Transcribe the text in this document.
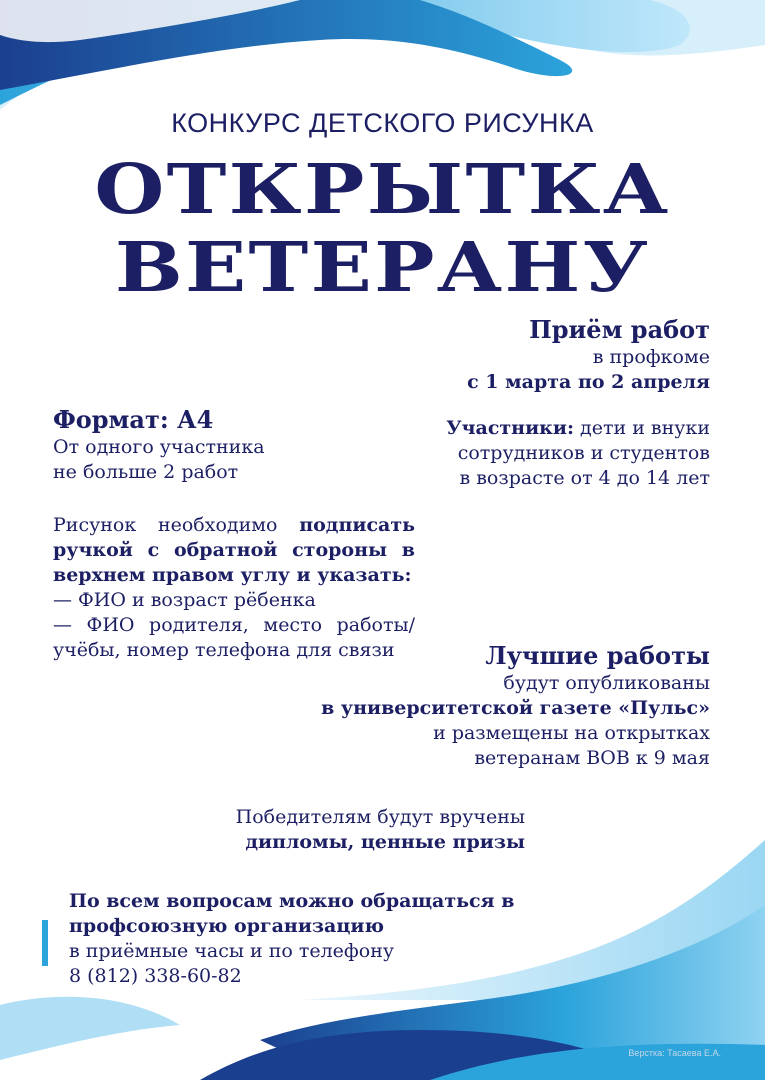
КОНКУРС ДЕТСКОГО РИСУНКА
ОТКРЫТКА
ВЕТЕРАНУ
Приём работ
в профкоме
с 1 марта по 2 апреля
Участники: дети и внуки
сотрудников и студентов
в возрасте от 4 до 14 лет
Формат: А4
От одного участника
не больше 2 работ
Рисунок необходимо подписать
ручкой с обратной стороны в
верхнем правом углу и указать:
— ФИО и возраст рёбенка
— ФИО родителя, место работы/
учёбы, номер телефона для связи	Лучшие работы
будут опубликованы
в университетской газете «Пульс»
и размещены на открытках
ветеранам ВОВ к 9 мая
Победителям будут вручены
дипломы, ценные призы
По всем вопросам можно обращаться в
профсоюзную организацию
в приёмные часы и по телефону
8 (812) 338-60-82
Верстка: Тасаева Е.А.
